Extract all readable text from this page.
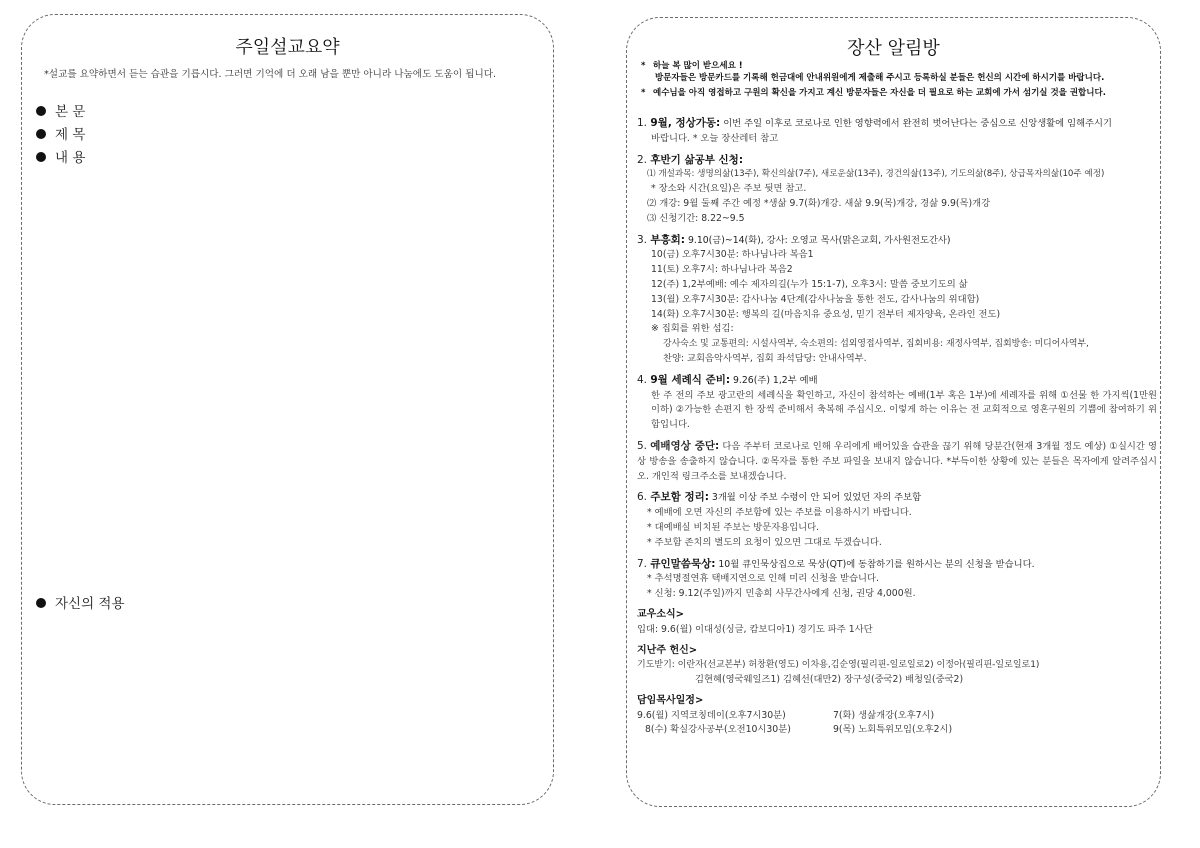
주일설교요약
*설교를 요약하면서 듣는 습관을 기릅시다. 그러면 기억에 더 오래 남을 뿐만 아니라 나눔에도 도움이 됩니다.
본 문
제 목
내 용
자신의 적용
장산 알림방
* 하늘 복 많이 받으세요 !
방문자들은 방문카드를 기록해 헌금대에 안내위원에게 제출해 주시고 등록하실 분들은 헌신의 시간에 하시기를 바랍니다.
* 예수님을 아직 영접하고 구원의 확신을 가지고 계신 방문자들은 자신을 더 필요로 하는 교회에 가서 섬기실 것을 권합니다.

1. 9월, 정상가동: 이번 주일 이후로 코로나로 인한 영향력에서 완전히 벗어난다는 중심으로 신앙생활에 임해주시기

바랍니다. * 오늘 장산레터 참고

2. 후반기 삶공부 신청:

⑴ 개설과목: 생명의삶(13주), 확신의삶(7주), 새로운삶(13주), 경건의삶(13주), 기도의삶(8주), 상급목자의삶(10주 예정)

* 장소와 시간(요일)은 주보 뒷면 참고.

⑵ 개강: 9월 둘째 주간 예정 *생삶 9.7(화)개강. 새삶 9.9(목)개강, 경삶 9.9(목)개강

⑶ 신청기간: 8.22~9.5

3. 부흥회: 9.10(금)~14(화), 강사: 오영교 목사(맑은교회, 가사원전도간사)

10(금) 오후7시30분: 하나님나라 복음1

11(토) 오후7시: 하나님나라 복음2

12(주) 1,2부예배: 예수 제자의길(누가 15:1-7), 오후3시: 말씀 중보기도의 삶

13(월) 오후7시30분: 감사나눔 4단계(감사나눔을 통한 전도, 감사나눔의 위대함)

14(화) 오후7시30분: 행복의 길(마음치유 중요성, 믿기 전부터 제자양육, 온라인 전도)

※ 집회를 위한 섬김:

강사숙소 및 교통편의: 시설사역부, 숙소편의: 섭외영접사역부, 집회비용: 재정사역부, 집회방송: 미디어사역부,

찬양: 교회음악사역부, 집회 좌석담당: 안내사역부.

4. 9월 세례식 준비: 9.26(주) 1,2부 예배

한 주 전의 주보 광고란의 세례식을 확인하고, 자신이 참석하는 예배(1부 혹은 1부)에 세례자를 위해 ①선물 한 가지씩(1만원 이하) ②가능한 손편지 한 장씩 준비해서 축복해 주십시오. 이렇게 하는 이유는 전 교회적으로 영혼구원의 기쁨에 참여하기 위함입니다.

5. 예배영상 중단: 다음 주부터 코로나로 인해 우리에게 배어있을 습관을 끊기 위해 당분간(현재 3개월 정도 예상) ①실시간 영상 방송을 송출하지 않습니다. ②목자를 통한 주보 파일을 보내지 않습니다. *부득이한 상황에 있는 분들은 목자에게 알려주십시오. 개인적 링크주소를 보내겠습니다.

6. 주보함 정리: 3개월 이상 주보 수령이 안 되어 있었던 자의 주보함

* 예배에 오면 자신의 주보함에 있는 주보를 이용하시기 바랍니다.

* 대예배실 비치된 주보는 방문자용입니다.

* 주보함 존치의 별도의 요청이 있으면 그대로 두겠습니다.

7. 큐인말씀묵상: 10월 큐인묵상집으로 묵상(QT)에 동참하기를 원하시는 분의 신청을 받습니다.

* 추석명절연휴 택배지연으로 인해 미리 신청을 받습니다.

* 신청: 9.12(주일)까지 민총희 사무간사에게 신청, 권당 4,000원.

교우소식>

입대: 9.6(월) 이대성(싱글, 캄보디아1) 경기도 파주 1사단

지난주 헌신>

기도받기: 이란자(선교본부) 허창환(영도) 이차용,김순영(필리핀-일로일로2) 이정아(필리핀-일로일로1)

김현혜(영국웨일즈1) 김혜선(대만2) 장구성(중국2) 배청일(중국2)

담임목사일정>

9.6(월) 지역코칭데이(오후7시30분)	7(화) 생삶개강(오후7시)
8(수) 확실강사공부(오전10시30분)	9(목) 노회특위모임(오후2시)
